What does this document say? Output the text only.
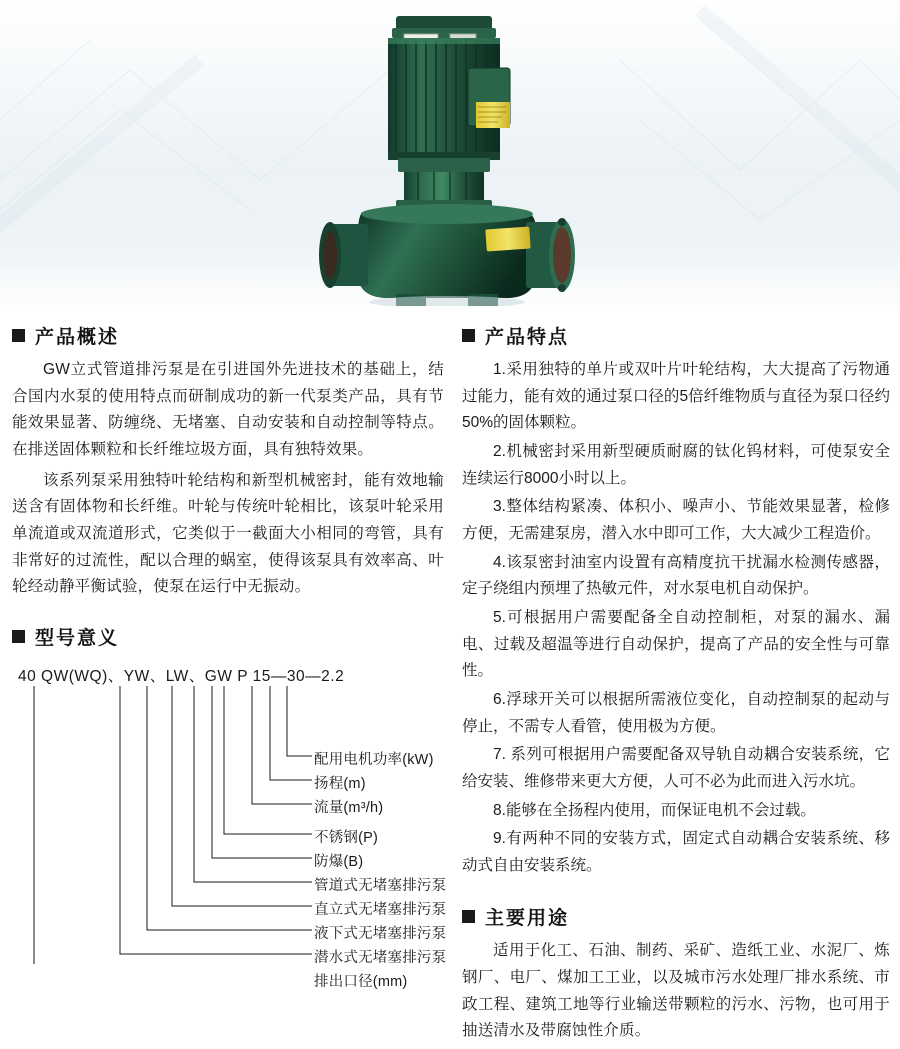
产品概述

GW立式管道排污泵是在引进国外先进技术的基础上，结合国内水泵的使用特点而研制成功的新一代泵类产品，具有节能效果显著、防缠绕、无堵塞、自动安装和自动控制等特点。在排送固体颗粒和长纤维垃圾方面，具有独特效果。

该系列泵采用独特叶轮结构和新型机械密封，能有效地输送含有固体物和长纤维。叶轮与传统叶轮相比，该泵叶轮采用单流道或双流道形式，它类似于一截面大小相同的弯管，具有非常好的过流性，配以合理的蜗室，使得该泵具有效率高、叶轮经动静平衡试验，使泵在运行中无振动。

型号意义
40 QW(WQ)、YW、LW、GW P 15—30—2.2
配用电机功率(kW)
扬程(m)
流量(m³/h)
不锈钢(P)
防爆(B)
管道式无堵塞排污泵
直立式无堵塞排污泵
液下式无堵塞排污泵
潜水式无堵塞排污泵
排出口径(mm)
产品特点

1.采用独特的单片或双叶片叶轮结构，大大提高了污物通过能力，能有效的通过泵口径的5倍纤维物质与直径为泵口径约50%的固体颗粒。

2.机械密封采用新型硬质耐腐的钛化钨材料，可使泵安全连续运行8000小时以上。

3.整体结构紧凑、体积小、噪声小、节能效果显著，检修方便，无需建泵房，潜入水中即可工作，大大减少工程造价。

4.该泵密封油室内设置有高精度抗干扰漏水检测传感器，定子绕组内预埋了热敏元件，对水泵电机自动保护。

5.可根据用户需要配备全自动控制柜，对泵的漏水、漏电、过载及超温等进行自动保护，提高了产品的安全性与可靠性。

6.浮球开关可以根据所需液位变化，自动控制泵的起动与停止，不需专人看管，使用极为方便。

7. 系列可根据用户需要配备双导轨自动耦合安装系统，它给安装、维修带来更大方便，人可不必为此而进入污水坑。

8.能够在全扬程内使用，而保证电机不会过载。

9.有两种不同的安装方式，固定式自动耦合安装系统、移动式自由安装系统。

主要用途

适用于化工、石油、制药、采矿、造纸工业、水泥厂、炼钢厂、电厂、煤加工工业，以及城市污水处理厂排水系统、市政工程、建筑工地等行业输送带颗粒的污水、污物，也可用于抽送清水及带腐蚀性介质。
